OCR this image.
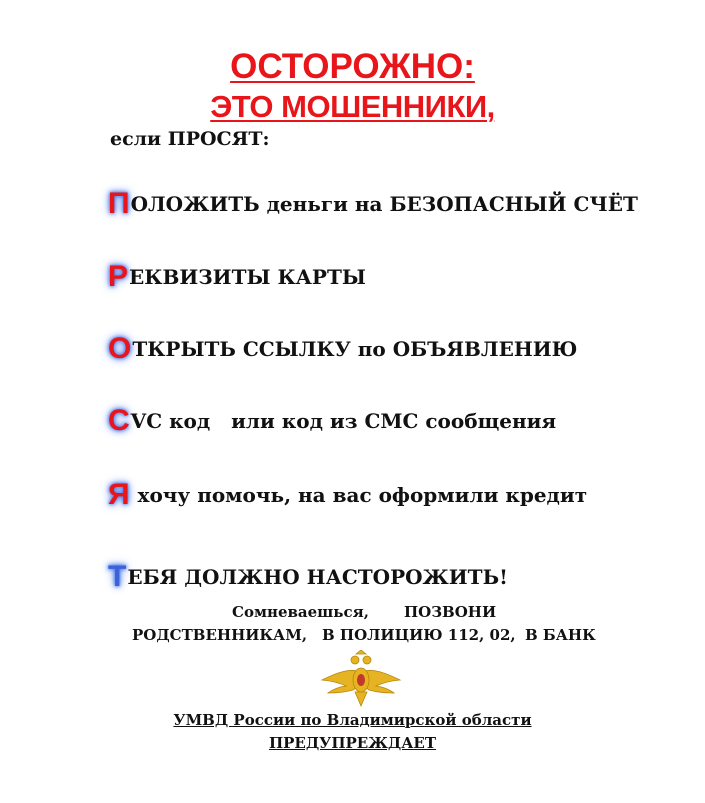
ОСТОРОЖНО:
ЭТО МОШЕННИКИ,
если ПРОСЯТ:
П ОЛОЖИТЬ деньги на БЕЗОПАСНЫЙ СЧЁТ
Р ЕКВИЗИТЫ КАРТЫ
О ТКРЫТЬ ССЫЛКУ по ОБЪЯВЛЕНИЮ
С VC код   или код из СМС сообщения
Я хочу помочь, на вас оформили кредит
Т ЕБЯ ДОЛЖНО НАСТОРОЖИТЬ!
Сомневаешься, ПОЗВОНИ
РОДСТВЕННИКАМ, В ПОЛИЦИЮ 112, 02, В БАНК
УМВД России по Владимирской области
ПРЕДУПРЕЖДАЕТ
